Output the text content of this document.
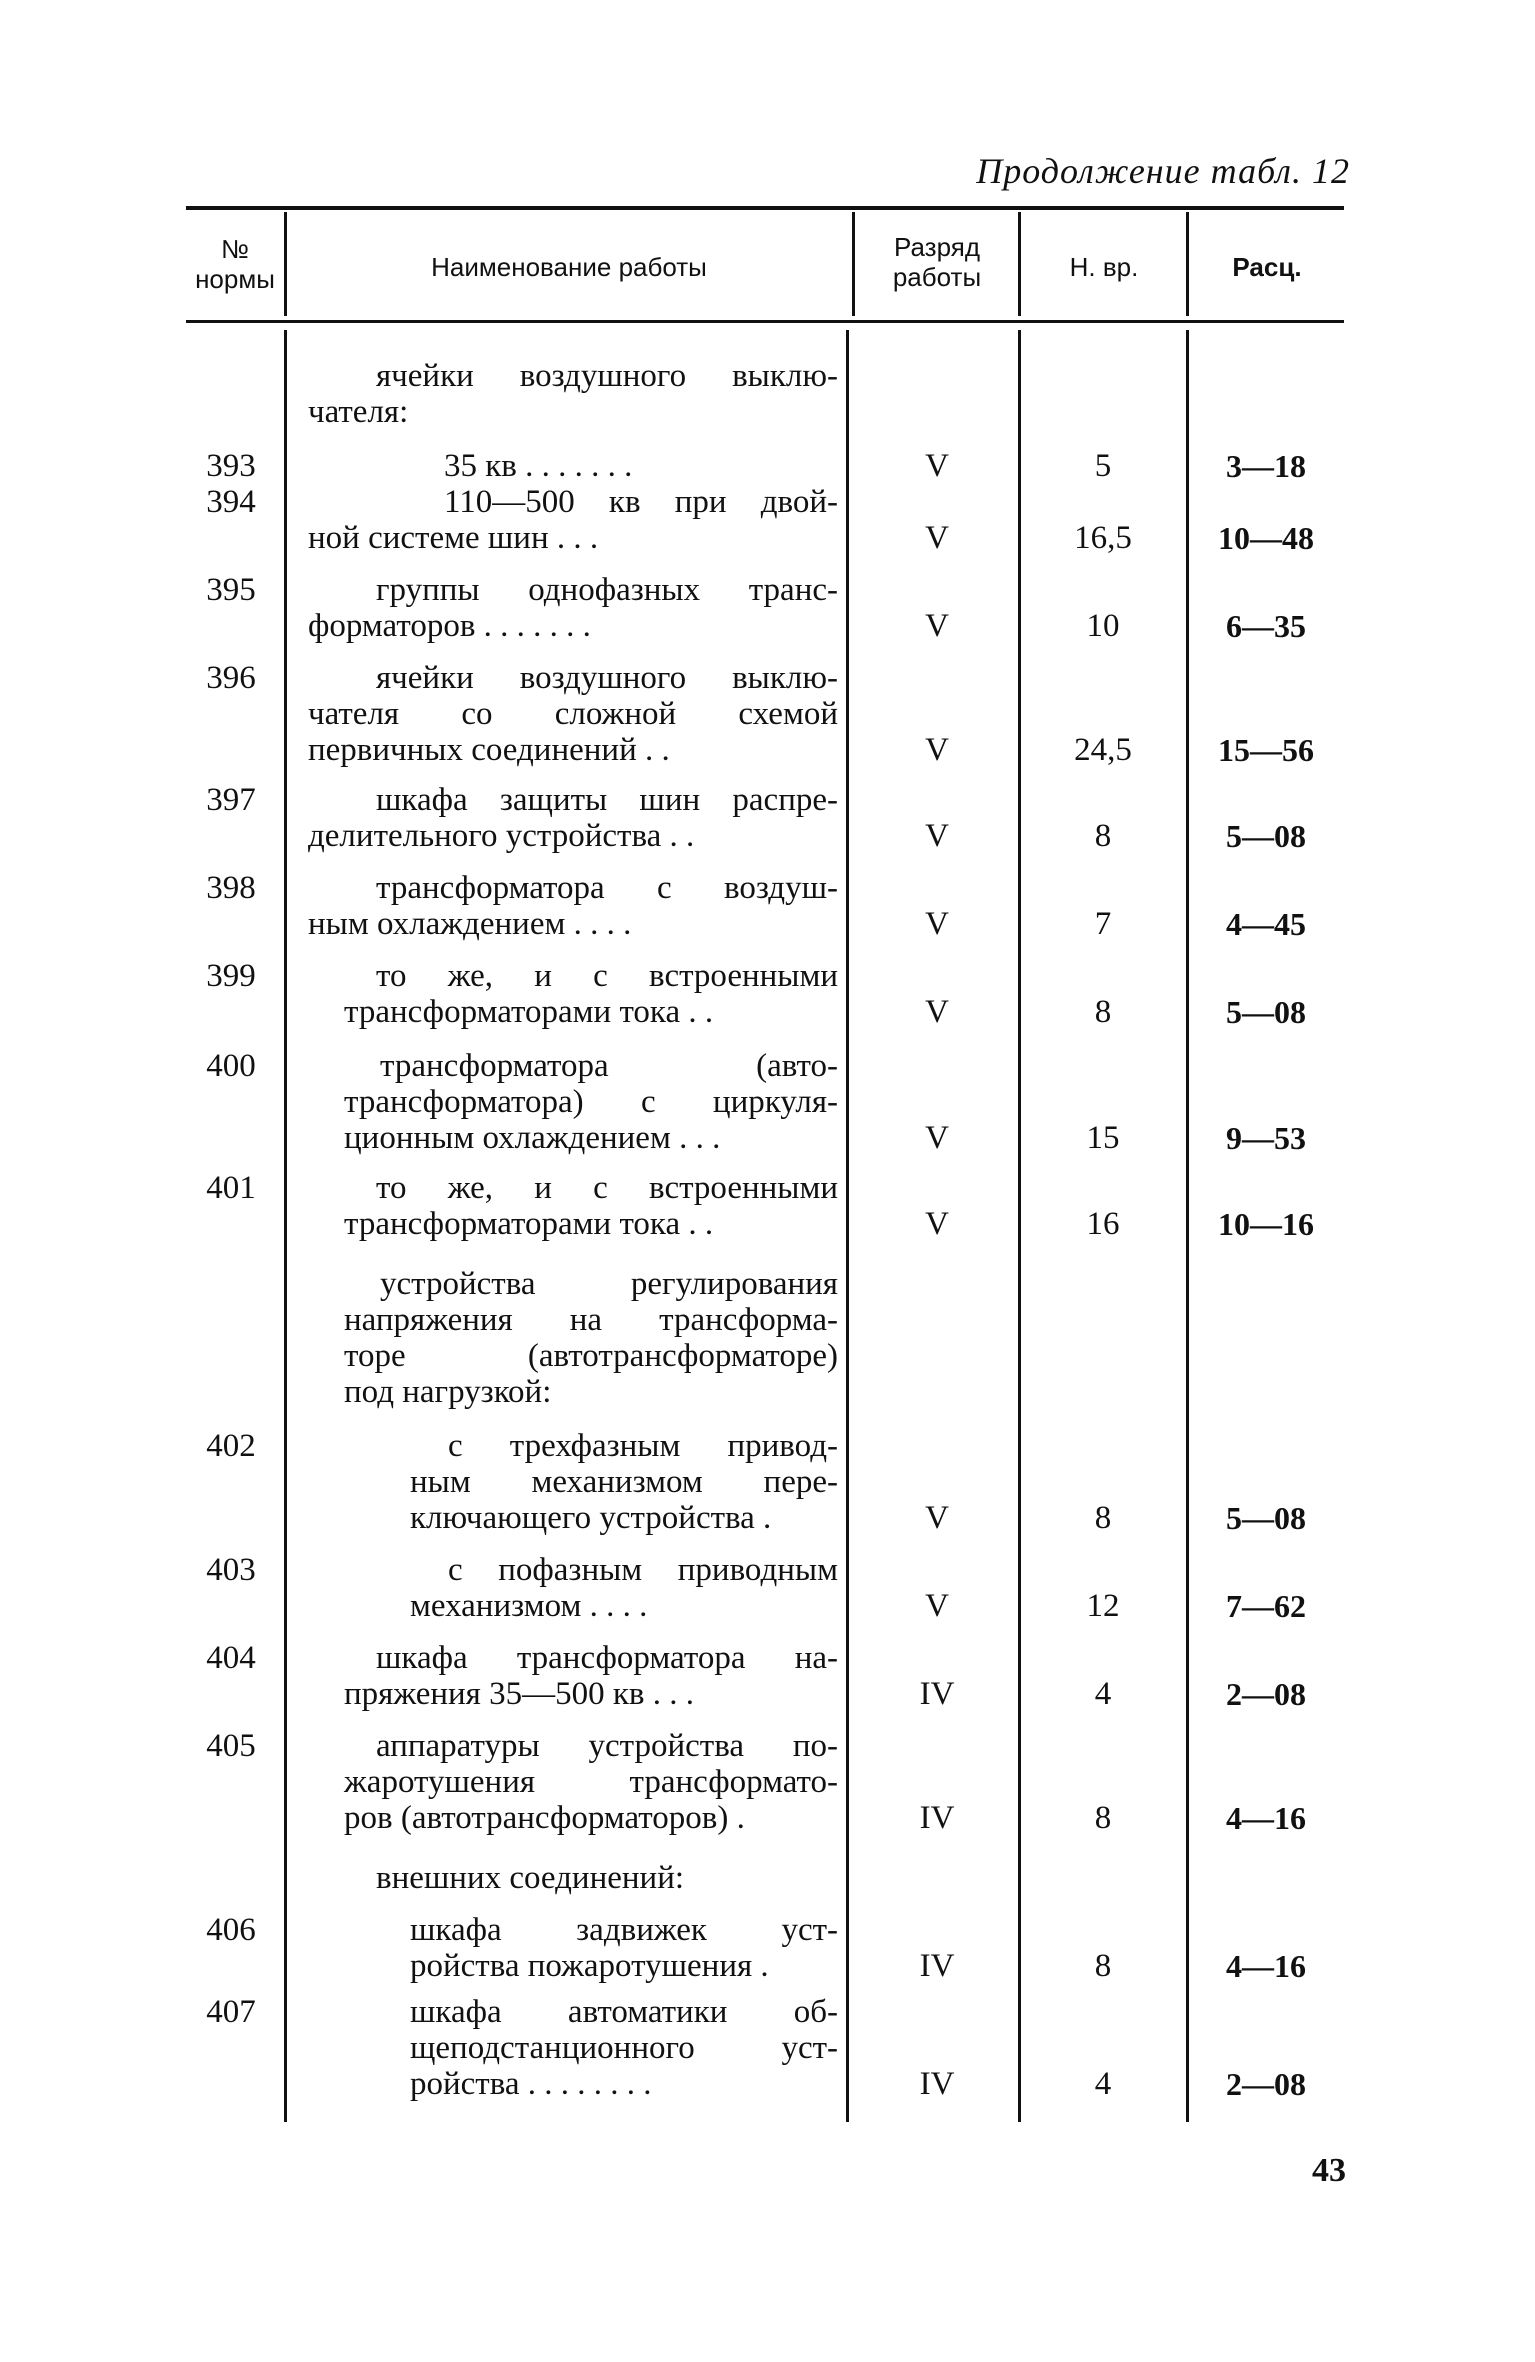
Продолжение табл. 12
№
нормы	Наименование работы
Разряд
работы	Н. вр.	Расц.
ячейки воздушного выклю-
чателя:
393	35 кв . . . . . . .	V	5	3—18
394	110—500 кв при двой-
ной системе шин . . .	V	16,5	10—48
395	группы однофазных транс-
форматоров . . . . . . .	V	10	6—35
396	ячейки воздушного выклю-
чателя со сложной схемой
первичных соединений . .	V	24,5	15—56
397	шкафа защиты шин распре-
делительного устройства . .	V	8	5—08
398	трансформатора с воздуш-
ным охлаждением . . . .	V	7	4—45
399	то же, и с встроенными
трансформаторами тока . .	V	8	5—08
400	трансформатора (авто-
трансформатора) с циркуля-
ционным охлаждением . . .	V	15	9—53
401	то же, и с встроенными
трансформаторами тока . .	V	16	10—16
устройства регулирования
напряжения на трансформа-
торе (автотрансформаторе)
под нагрузкой:
402	с трехфазным привод-
ным механизмом пере-
ключающего устройства .	V	8	5—08
403	с пофазным приводным
механизмом . . . .	V	12	7—62
404	шкафа трансформатора на-
пряжения 35—500 кв . . .	IV	4	2—08
405	аппаратуры устройства по-
жаротушения трансформато-
ров (автотрансформаторов) .	IV	8	4—16
внешних соединений:
406	шкафа задвижек уст-
ройства пожаротушения .	IV	8	4—16
407	шкафа автоматики об-
щеподстанционного уст-
ройства . . . . . . . .	IV	4	2—08
43
